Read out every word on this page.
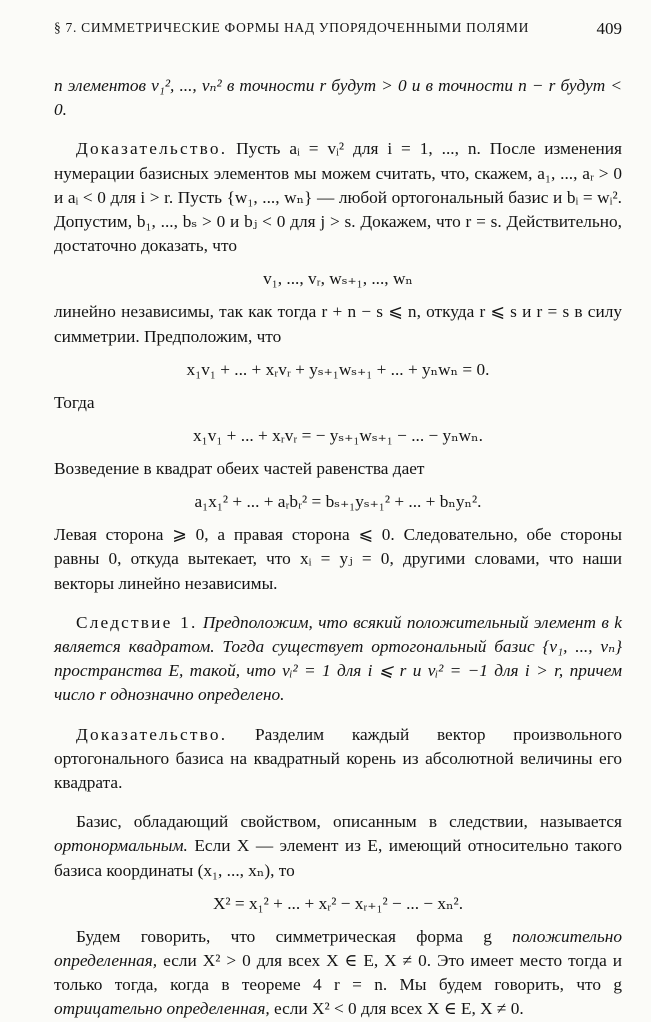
§ 7. СИММЕТРИЧЕСКИЕ ФОРМЫ НАД УПОРЯДОЧЕННЫМИ ПОЛЯМИ	409

n элементов v₁², ..., vₙ² в точности r будут > 0 и в точности n − r будут < 0.

Доказательство. Пусть aᵢ = vᵢ² для i = 1, ..., n. После изменения нумерации базисных элементов мы можем считать, что, скажем, a₁, ..., aᵣ > 0 и aᵢ < 0 для i > r. Пусть {w₁, ..., wₙ} — любой ортогональный базис и bᵢ = wᵢ². Допустим, b₁, ..., bₛ > 0 и bⱼ < 0 для j > s. Докажем, что r = s. Действительно, достаточно доказать, что

v₁, ..., vᵣ, wₛ₊₁, ..., wₙ

линейно независимы, так как тогда r + n − s ⩽ n, откуда r ⩽ s и r = s в силу симметрии. Предположим, что

x₁v₁ + ... + xᵣvᵣ + yₛ₊₁wₛ₊₁ + ... + yₙwₙ = 0.

Тогда

x₁v₁ + ... + xᵣvᵣ = − yₛ₊₁wₛ₊₁ − ... − yₙwₙ.

Возведение в квадрат обеих частей равенства дает

a₁x₁² + ... + aᵣbᵣ² = bₛ₊₁yₛ₊₁² + ... + bₙyₙ².

Левая сторона ⩾ 0, а правая сторона ⩽ 0. Следовательно, обе стороны равны 0, откуда вытекает, что xᵢ = yⱼ = 0, другими словами, что наши векторы линейно независимы.

Следствие 1. Предположим, что всякий положительный элемент в k является квадратом. Тогда существует ортогональный базис {v₁, ..., vₙ} пространства E, такой, что vᵢ² = 1 для i ⩽ r и vᵢ² = −1 для i > r, причем число r однозначно определено.

Доказательство. Разделим каждый вектор произвольного ортогонального базиса на квадратный корень из абсолютной величины его квадрата.

Базис, обладающий свойством, описанным в следствии, называется ортонормальным. Если X — элемент из E, имеющий относительно такого базиса координаты (x₁, ..., xₙ), то

X² = x₁² + ... + xᵣ² − xᵣ₊₁² − ... − xₙ².

Будем говорить, что симметрическая форма g положительно определенная, если X² > 0 для всех X ∈ E, X ≠ 0. Это имеет место тогда и только тогда, когда в теореме 4 r = n. Мы будем говорить, что g отрицательно определенная, если X² < 0 для всех X ∈ E, X ≠ 0.
